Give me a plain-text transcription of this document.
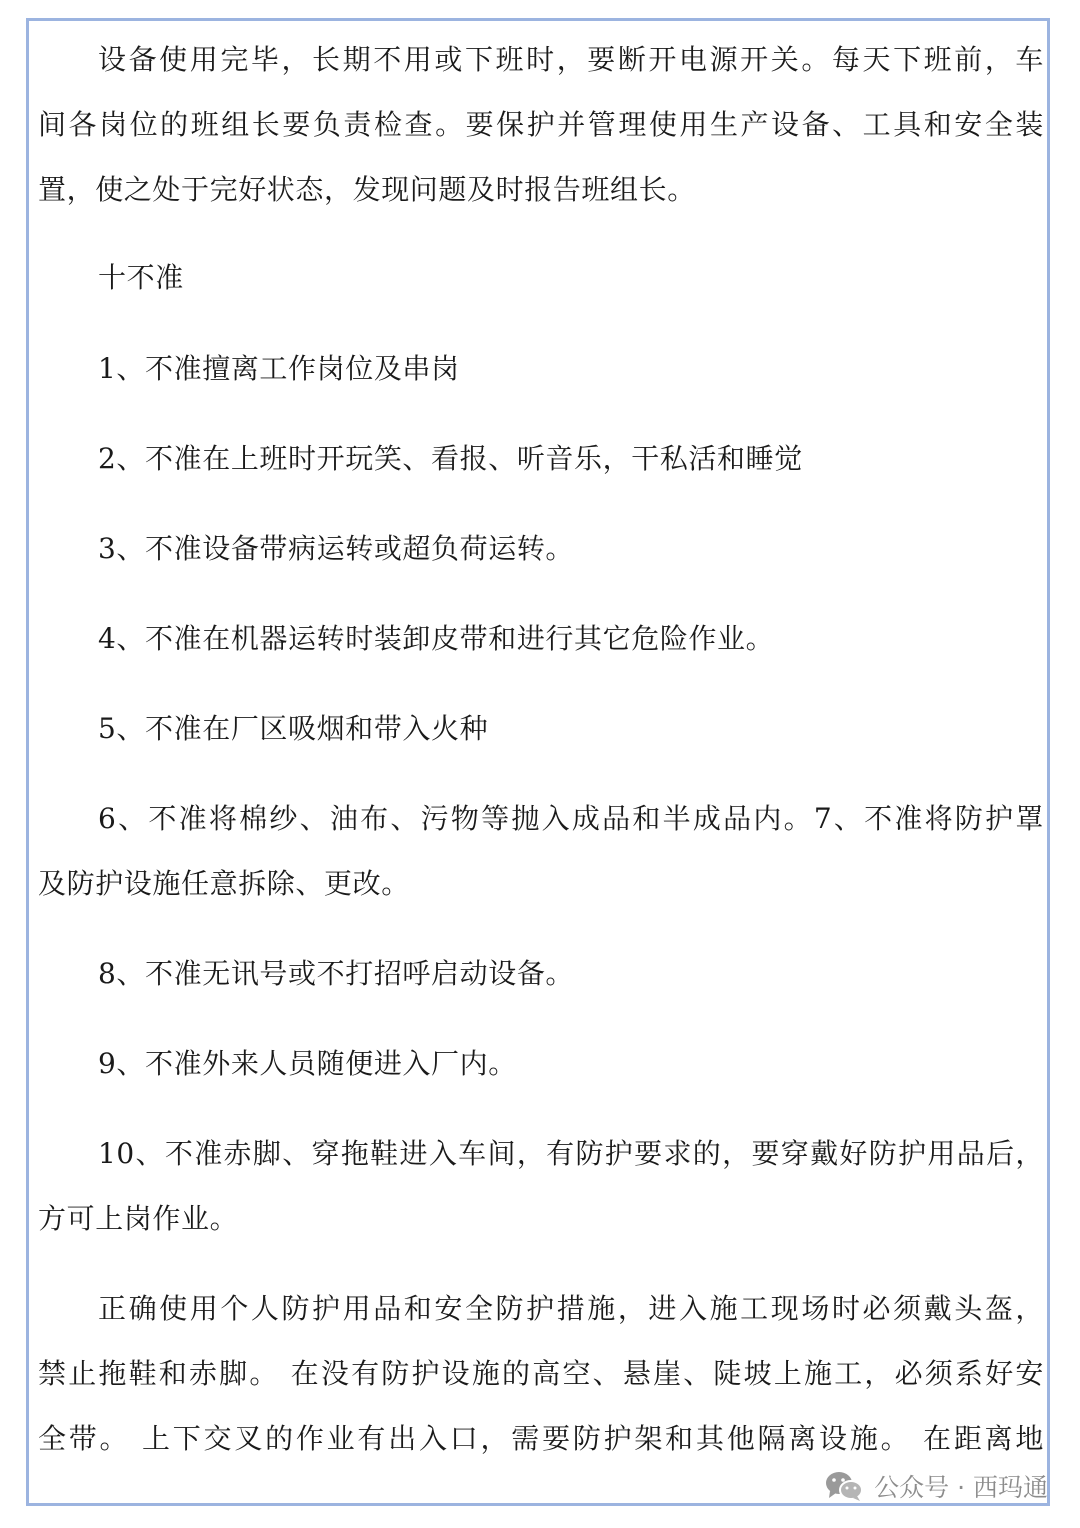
设备使用完毕，长期不用或下班时，要断开电源开关。每天下班前，车
间各岗位的班组长要负责检查。要保护并管理使用生产设备、工具和安全装
置，使之处于完好状态，发现问题及时报告班组长。
十不准
1、不准擅离工作岗位及串岗
2、不准在上班时开玩笑、看报、听音乐，干私活和睡觉
3、不准设备带病运转或超负荷运转。
4、不准在机器运转时装卸皮带和进行其它危险作业。
5、不准在厂区吸烟和带入火种
6、不准将棉纱、油布、污物等抛入成品和半成品内。7、不准将防护罩
及防护设施任意拆除、更改。
8、不准无讯号或不打招呼启动设备。
9、不准外来人员随便进入厂内。
10、不准赤脚、穿拖鞋进入车间，有防护要求的，要穿戴好防护用品后，
方可上岗作业。
正确使用个人防护用品和安全防护措施，进入施工现场时必须戴头盔，
禁止拖鞋和赤脚。 在没有防护设施的高空、悬崖、陡坡上施工，必须系好安
全带。 上下交叉的作业有出入口，需要防护架和其他隔离设施。 在距离地
公众号 · 西玛通
